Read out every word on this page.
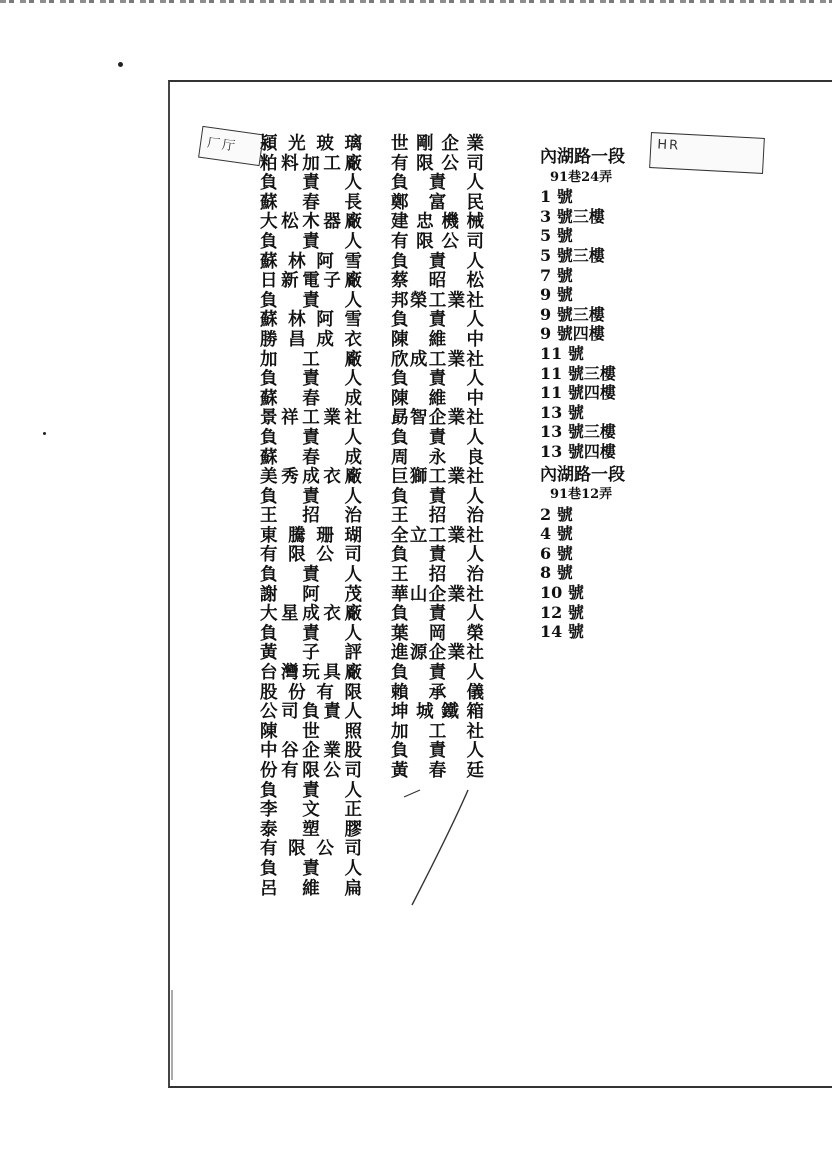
厂厅	HR
潁 光 玻 璃
粕 料 加 工 廠
負 責 人
蘇 春 長
大 松 木 器 廠
負 責 人
蘇 林 阿 雪
日 新 電 子 廠
負 責 人
蘇 林 阿 雪
勝 昌 成 衣
加 工 廠
負 責 人
蘇 春 成
景 祥 工 業 社
負 責 人
蘇 春 成
美 秀 成 衣 廠
負 責 人
王 招 治
東 騰 珊 瑚
有 限 公 司
負 責 人
謝 阿 茂
大 星 成 衣 廠
負 責 人
黃 子 評
台 灣 玩 具 廠
股 份 有 限
公 司 負 責 人
陳 世 照
中 谷 企 業 股
份 有 限 公 司
負 責 人
李 文 正
泰 塑 膠
有 限 公 司
負 責 人
呂 維 扁
世 剛 企 業
有 限 公 司
負 責 人
鄭 富 民
建 忠 機 械
有 限 公 司
負 責 人
蔡 昭 松
邦 榮 工 業 社
負 責 人
陳 維 中
欣 成 工 業 社
負 責 人
陳 維 中
勗 智 企 業 社
負 責 人
周 永 良
巨 獅 工 業 社
負 責 人
王 招 治
全 立 工 業 社
負 責 人
王 招 治
華 山 企 業 社
負 責 人
葉 岡 榮
進 源 企 業 社
負 責 人
賴 承 儀
坤 城 鐵 箱
加 工 社
負 責 人
黃 春 廷
內湖路一段
91巷24弄
1 號
3 號三樓
5 號
5 號三樓
7 號
9 號
9 號三樓
9 號四樓
11 號
11 號三樓
11 號四樓
13 號
13 號三樓
13 號四樓
內湖路一段
91巷12弄
2 號
4 號
6 號
8 號
10 號
12 號
14 號
